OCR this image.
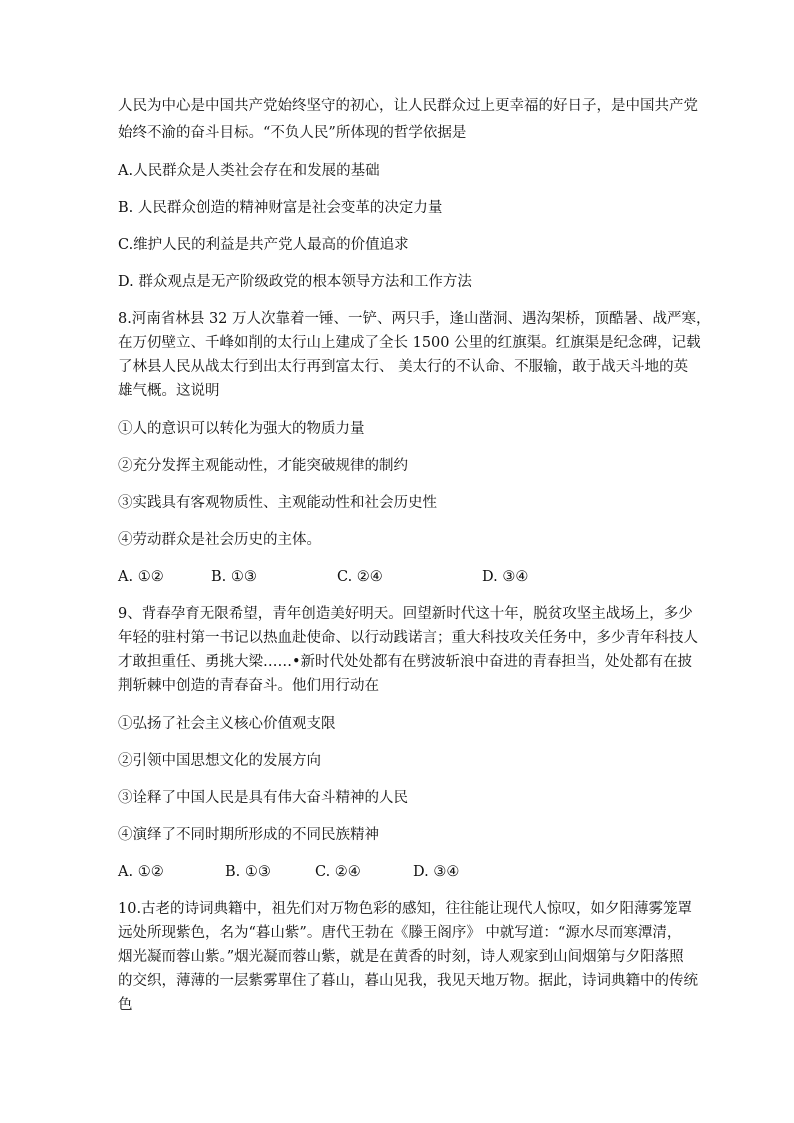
人民为中心是中国共产党始终坚守的初心，让人民群众过上更幸福的好日子，是中国共产党
始终不渝的奋斗目标。“不负人民”所体现的哲学依据是
A.人民群众是人类社会存在和发展的基础
B. 人民群众创造的精神财富是社会变革的决定力量
C.维护人民的利益是共产党人最高的价值追求
D. 群众观点是无产阶级政党的根本领导方法和工作方法
8.河南省林县 32 万人次靠着一锤、一铲、两只手，逢山凿洞、遇沟架桥，顶酷暑、战严寒，
在万仞壁立、千峰如削的太行山上建成了全长 1500 公里的红旗渠。红旗渠是纪念碑，记载
了林县人民从战太行到出太行再到富太行、 美太行的不认命、不服输，敢于战天斗地的英
雄气概。这说明
①人的意识可以转化为强大的物质力量
②充分发挥主观能动性，才能突破规律的制约
③实践具有客观物质性、主观能动性和社会历史性
④劳动群众是社会历史的主体。
A. ①②	B. ①③	C. ②④	D. ③④
9、背春孕育无限希望，青年创造美好明天。回望新时代这十年，脱贫攻坚主战场上，多少
年轻的驻村第一书记以热血赴使命、以行动践诺言；重大科技攻关任务中，多少青年科技人
才敢担重任、勇挑大梁……•新时代处处都有在劈波斩浪中奋进的青春担当，处处都有在披
荆斩棘中创造的青春奋斗。他们用行动在
①弘扬了社会主义核心价值观支限
②引领中国思想文化的发展方向
③诠释了中国人民是具有伟大奋斗精神的人民
④演绎了不同时期所形成的不同民族精神
A. ①②	B. ①③	C. ②④	D. ③④
10.古老的诗词典籍中，祖先们对万物色彩的感知，往往能让现代人惊叹，如夕阳薄雾笼罩
远处所现紫色，名为“暮山紫”。唐代王勃在《滕王阁序》 中就写道：“源水尽而寒潭清，
烟光凝而蓉山紫。”烟光凝而蓉山紫，就是在黄香的时刻，诗人观家到山间烟第与夕阳落照
的交织，薄薄的一层紫雾單住了暮山，暮山见我，我见天地万物。据此，诗词典籍中的传统
色
